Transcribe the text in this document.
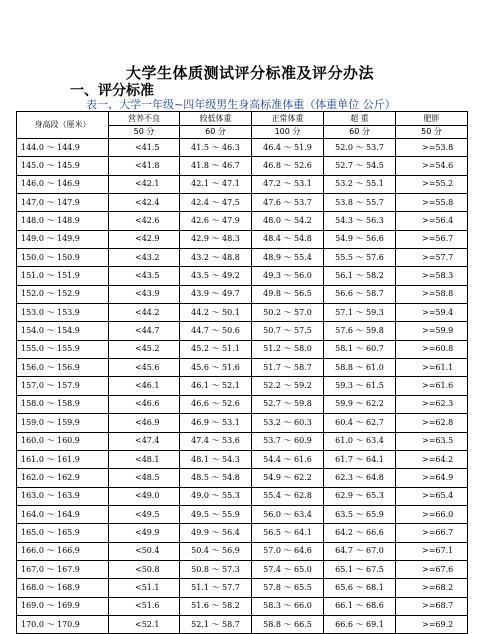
大学生体质测试评分标准及评分办法
一、评分标准
表一、大学一年级~四年级男生身高标准体重（体重单位 公斤）
身高段（厘米）	营养不良	较低体重	正常体重	超 重	肥胖
	50 分	60 分	100 分	60 分	50 分
144.0 ～ 144.9	<41.5	41.5 ～ 46.3	46.4 ～ 51.9	52.0 ～ 53.7	>=53.8
145.0 ～ 145.9	<41.8	41.8 ～ 46.7	46.8 ～ 52.6	52.7 ～ 54.5	>=54.6
146.0 ～ 146.9	<42.1	42.1 ～ 47.1	47.2 ～ 53.1	53.2 ～ 55.1	>=55.2
147.0 ～ 147.9	<42.4	42.4 ～ 47.5	47.6 ～ 53.7	53.8 ～ 55.7	>=55.8
148.0 ～ 148.9	<42.6	42.6 ～ 47.9	48.0 ～ 54.2	54.3 ～ 56.3	>=56.4
149.0 ～ 149.9	<42.9	42.9 ～ 48.3	48.4 ～ 54.8	54.9 ～ 56.6	>=56.7
150.0 ～ 150.9	<43.2	43.2 ～ 48.8	48.9 ～ 55.4	55.5 ～ 57.6	>=57.7
151.0 ～ 151.9	<43.5	43.5 ～ 49.2	49.3 ～ 56.0	56.1 ～ 58.2	>=58.3
152.0 ～ 152.9	<43.9	43.9 ～ 49.7	49.8 ～ 56.5	56.6 ～ 58.7	>=58.8
153.0 ～ 153.9	<44.2	44.2 ～ 50.1	50.2 ～ 57.0	57.1 ～ 59.3	>=59.4
154.0 ～ 154.9	<44.7	44.7 ～ 50.6	50.7 ～ 57.5	57.6 ～ 59.8	>=59.9
155.0 ～ 155.9	<45.2	45.2 ～ 51.1	51.2 ～ 58.0	58.1 ～ 60.7	>=60.8
156.0 ～ 156.9	<45.6	45.6 ～ 51.6	51.7 ～ 58.7	58.8 ～ 61.0	>=61.1
157.0 ～ 157.9	<46.1	46.1 ～ 52.1	52.2 ～ 59.2	59.3 ～ 61.5	>=61.6
158.0 ～ 158.9	<46.6	46.6 ～ 52.6	52.7 ～ 59.8	59.9 ～ 62.2	>=62.3
159.0 ～ 159.9	<46.9	46.9 ～ 53.1	53.2 ～ 60.3	60.4 ～ 62.7	>=62.8
160.0 ～ 160.9	<47.4	47.4 ～ 53.6	53.7 ～ 60.9	61.0 ～ 63.4	>=63.5
161.0 ～ 161.9	<48.1	48.1 ～ 54.3	54.4 ～ 61.6	61.7 ～ 64.1	>=64.2
162.0 ～ 162.9	<48.5	48.5 ～ 54.8	54.9 ～ 62.2	62.3 ～ 64.8	>=64.9
163.0 ～ 163.9	<49.0	49.0 ～ 55.3	55.4 ～ 62.8	62.9 ～ 65.3	>=65.4
164.0 ～ 164.9	<49.5	49.5 ～ 55.9	56.0 ～ 63.4	63.5 ～ 65.9	>=66.0
165.0 ～ 165.9	<49.9	49.9 ～ 56.4	56.5 ～ 64.1	64.2 ～ 66.6	>=66.7
166.0 ～ 166.9	<50.4	50.4 ～ 56.9	57.0 ～ 64.6	64.7 ～ 67.0	>=67.1
167.0 ～ 167.9	<50.8	50.8 ～ 57.3	57.4 ～ 65.0	65.1 ～ 67.5	>=67.6
168.0 ～ 168.9	<51.1	51.1 ～ 57.7	57.8 ～ 65.5	65.6 ～ 68.1	>=68.2
169.0 ～ 169.9	<51.6	51.6 ～ 58.2	58.3 ～ 66.0	66.1 ～ 68.6	>=68.7
170.0 ～ 170.9	<52.1	52.1 ～ 58.7	58.8 ～ 66.5	66.6 ～ 69.1	>=69.2
